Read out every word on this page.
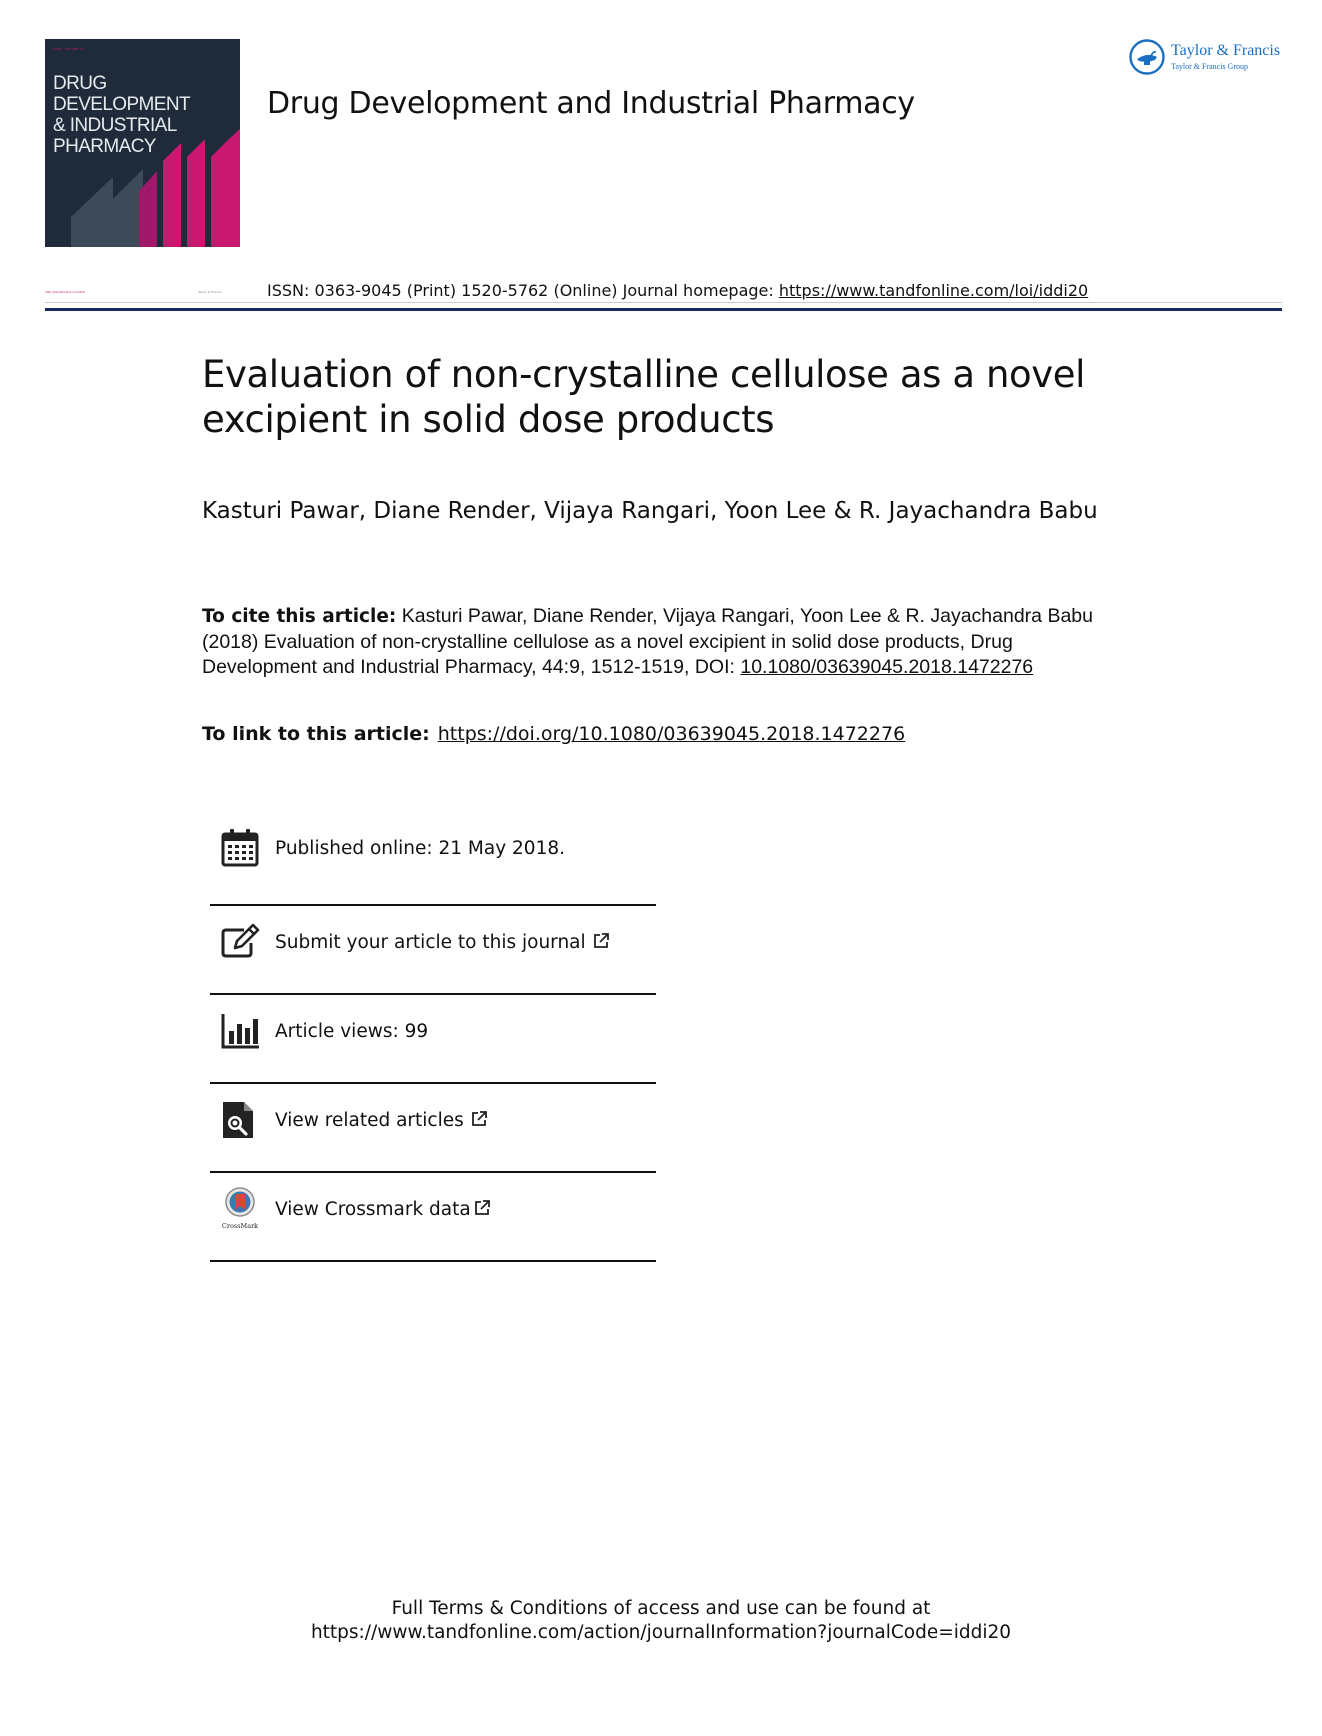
DDIP · VOLUME 44
DRUG DEVELOPMENT
& INDUSTRIAL
PHARMACY
Drug Development and Industrial Pharmacy
Taylor & Francis
Taylor & Francis Group
http://tandfonline.com/iddi	Taylor & Francis	ISSN: 0363-9045 (Print) 1520-5762 (Online) Journal homepage: https://www.tandfonline.com/loi/iddi20
Evaluation of non-crystalline cellulose as a novel excipient in solid dose products
Kasturi Pawar, Diane Render, Vijaya Rangari, Yoon Lee & R. Jayachandra Babu
To cite this article: Kasturi Pawar, Diane Render, Vijaya Rangari, Yoon Lee & R. Jayachandra Babu (2018) Evaluation of non-crystalline cellulose as a novel excipient in solid dose products, Drug Development and Industrial Pharmacy, 44:9, 1512-1519, DOI: 10.1080/03639045.2018.1472276
To link to this article: https://doi.org/10.1080/03639045.2018.1472276
Published online: 21 May 2018.
Submit your article to this journal
Article views: 99
View related articles
CrossMark
View Crossmark data
Full Terms & Conditions of access and use can be found at
https://www.tandfonline.com/action/journalInformation?journalCode=iddi20
